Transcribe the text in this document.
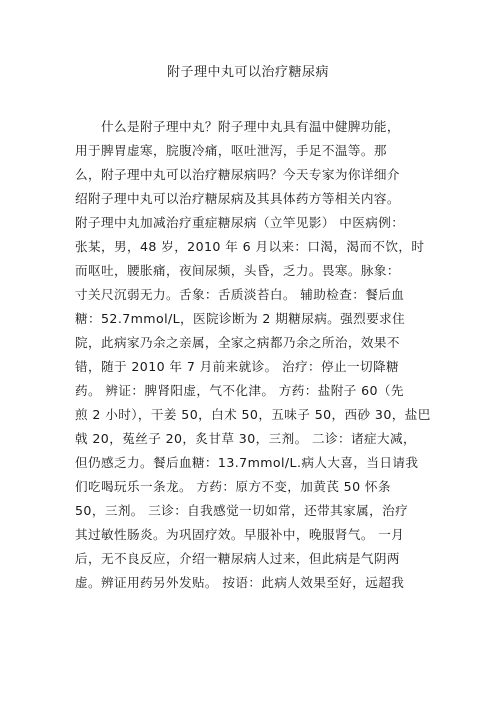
附子理中丸可以治疗糖尿病
　　什么是附子理中丸？附子理中丸具有温中健脾功能，
用于脾胃虚寒，脘腹冷痛，呕吐泄泻，手足不温等。那
么，附子理中丸可以治疗糖尿病吗？今天专家为你详细介
绍附子理中丸可以治疗糖尿病及其具体药方等相关内容。
附子理中丸加减治疗重症糖尿病（立竿见影） 中医病例：
张某，男，48 岁，2010 年 6 月以来：口渴，渴而不饮，时
而呕吐，腰胀痛，夜间尿频，头昏，乏力。畏寒。脉象：
寸关尺沉弱无力。舌象：舌质淡苔白。 辅助检查：餐后血
糖：52.7mmol/L，医院诊断为 2 期糖尿病。强烈要求住
院，此病家乃余之亲属，全家之病都乃余之所治，效果不
错，随于 2010 年 7 月前来就诊。 治疗：停止一切降糖
药。 辨证：脾肾阳虚，气不化津。 方药：盐附子 60（先
煎 2 小时），干姜 50，白术 50，五味子 50，西砂 30，盐巴
戟 20，菟丝子 20，炙甘草 30，三剂。 二诊：诸症大减，
但仍感乏力。餐后血糖：13.7mmol/L.病人大喜，当日请我
们吃喝玩乐一条龙。 方药：原方不变，加黄芪 50 怀条
50，三剂。 三诊：自我感觉一切如常，还带其家属，治疗
其过敏性肠炎。为巩固疗效。早服补中，晚服肾气。 一月
后，无不良反应，介绍一糖尿病人过来，但此病是气阴两
虚。辨证用药另外发贴。 按语：此病人效果至好，远超我
